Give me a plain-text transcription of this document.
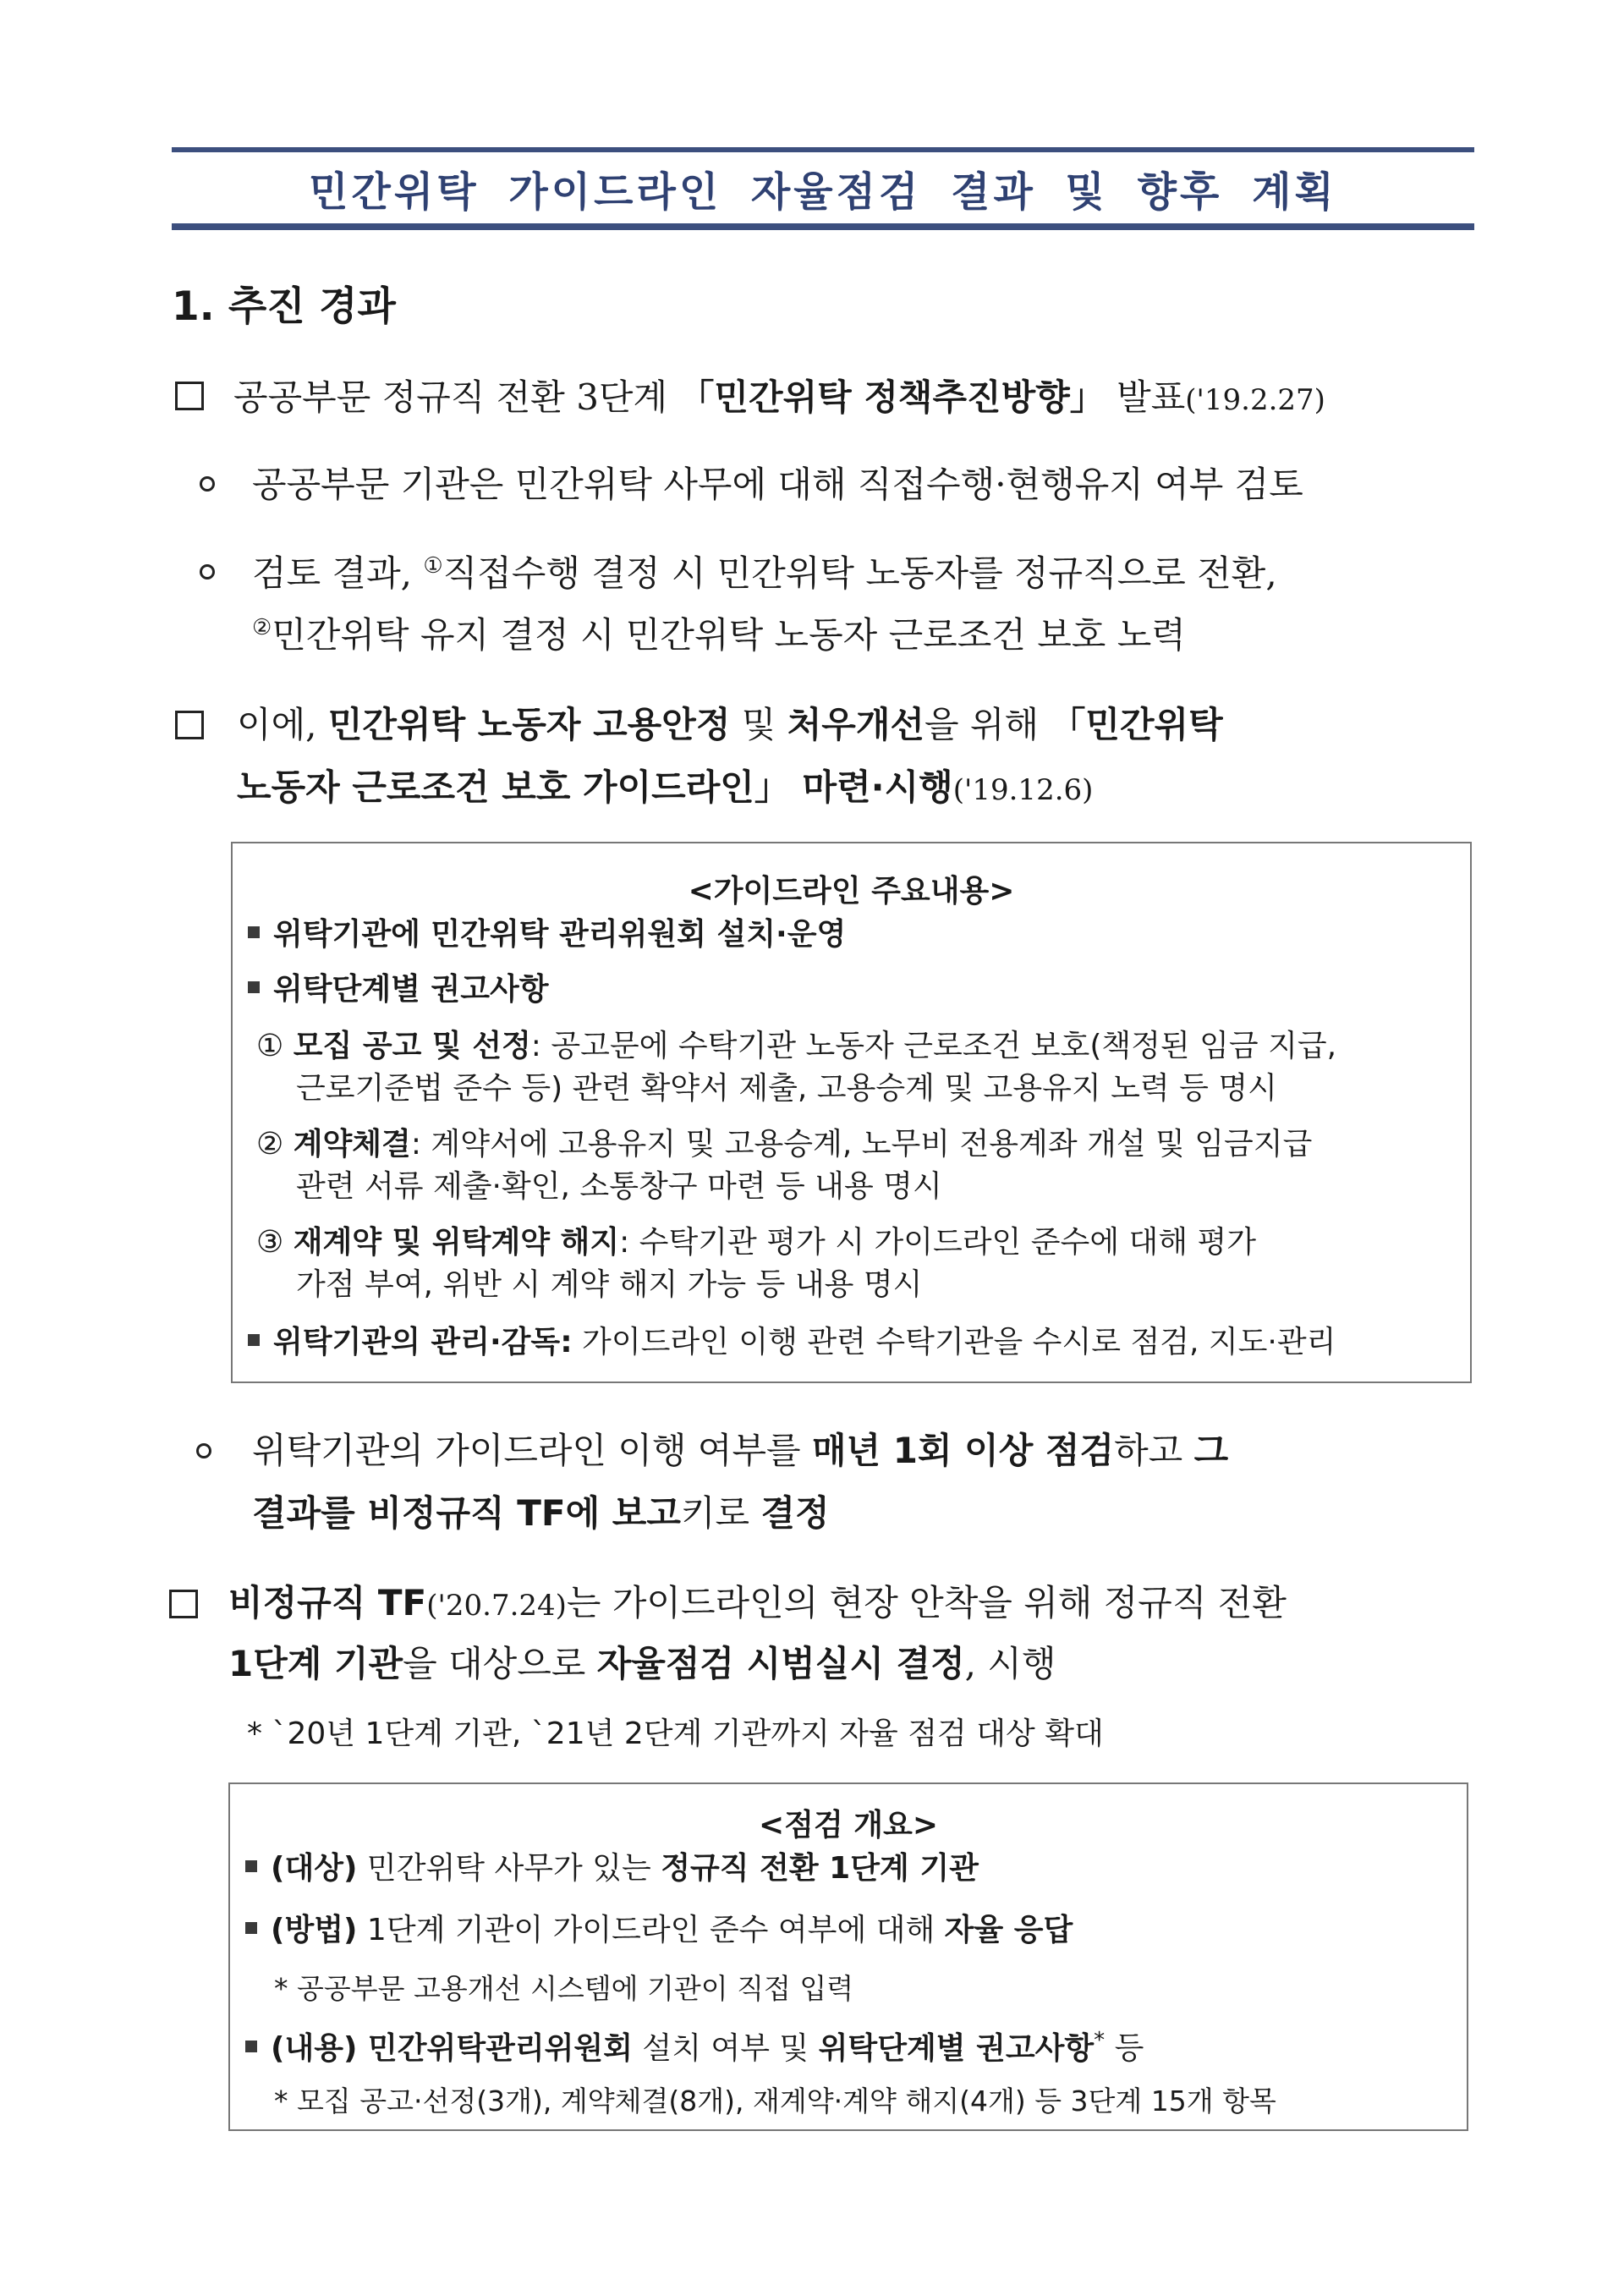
민간위탁 가이드라인 자율점검 결과 및 향후 계획
1. 추진 경과
공공부문 정규직 전환 3단계 「민간위탁 정책추진방향」 발표('19.2.27)
공공부문 기관은 민간위탁 사무에 대해 직접수행·현행유지 여부 검토
검토 결과, ①직접수행 결정 시 민간위탁 노동자를 정규직으로 전환,
②민간위탁 유지 결정 시 민간위탁 노동자 근로조건 보호 노력
이에, 민간위탁 노동자 고용안정 및 처우개선을 위해 「민간위탁
노동자 근로조건 보호 가이드라인」 마련·시행('19.12.6)
<가이드라인 주요내용>
위탁기관에 민간위탁 관리위원회 설치·운영
위탁단계별 권고사항
① 모집 공고 및 선정: 공고문에 수탁기관 노동자 근로조건 보호(책정된 임금 지급,
근로기준법 준수 등) 관련 확약서 제출, 고용승계 및 고용유지 노력 등 명시
② 계약체결: 계약서에 고용유지 및 고용승계, 노무비 전용계좌 개설 및 임금지급
관련 서류 제출·확인, 소통창구 마련 등 내용 명시
③ 재계약 및 위탁계약 해지: 수탁기관 평가 시 가이드라인 준수에 대해 평가
가점 부여, 위반 시 계약 해지 가능 등 내용 명시
위탁기관의 관리·감독: 가이드라인 이행 관련 수탁기관을 수시로 점검, 지도·관리
위탁기관의 가이드라인 이행 여부를 매년 1회 이상 점검하고 그
결과를 비정규직 TF에 보고키로 결정
비정규직 TF('20.7.24)는 가이드라인의 현장 안착을 위해 정규직 전환
1단계 기관을 대상으로 자율점검 시범실시 결정, 시행
* `20년 1단계 기관, `21년 2단계 기관까지 자율 점검 대상 확대
<점검 개요>
(대상) 민간위탁 사무가 있는 정규직 전환 1단계 기관
(방법) 1단계 기관이 가이드라인 준수 여부에 대해 자율 응답
* 공공부문 고용개선 시스템에 기관이 직접 입력
(내용) 민간위탁관리위원회 설치 여부 및 위탁단계별 권고사항* 등
* 모집 공고·선정(3개), 계약체결(8개), 재계약·계약 해지(4개) 등 3단계 15개 항목
